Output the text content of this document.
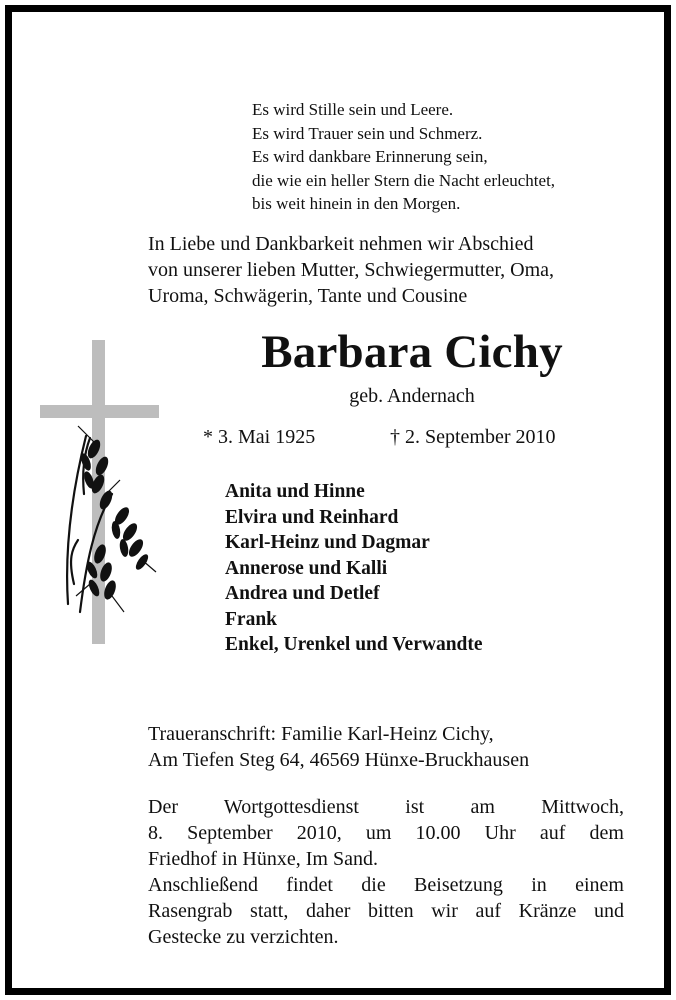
Es wird Stille sein und Leere.
Es wird Trauer sein und Schmerz.
Es wird dankbare Erinnerung sein,
die wie ein heller Stern die Nacht erleuchtet,
bis weit hinein in den Morgen.
In Liebe und Dankbarkeit nehmen wir Abschied
von unserer lieben Mutter, Schwiegermutter, Oma,
Uroma, Schwägerin, Tante und Cousine
Barbara Cichy
geb. Andernach
* 3. Mai 1925	† 2. September 2010
Anita und Hinne
Elvira und Reinhard
Karl-Heinz und Dagmar
Annerose und Kalli
Andrea und Detlef
Frank
Enkel, Urenkel und Verwandte
Traueranschrift: Familie Karl-Heinz Cichy,
Am Tiefen Steg 64, 46569 Hünxe-Bruckhausen
Der Wortgottesdienst ist am Mittwoch,
8. September 2010, um 10.00 Uhr auf dem
Friedhof in Hünxe, Im Sand.
Anschließend findet die Beisetzung in einem
Rasengrab statt, daher bitten wir auf Kränze und
Gestecke zu verzichten.
